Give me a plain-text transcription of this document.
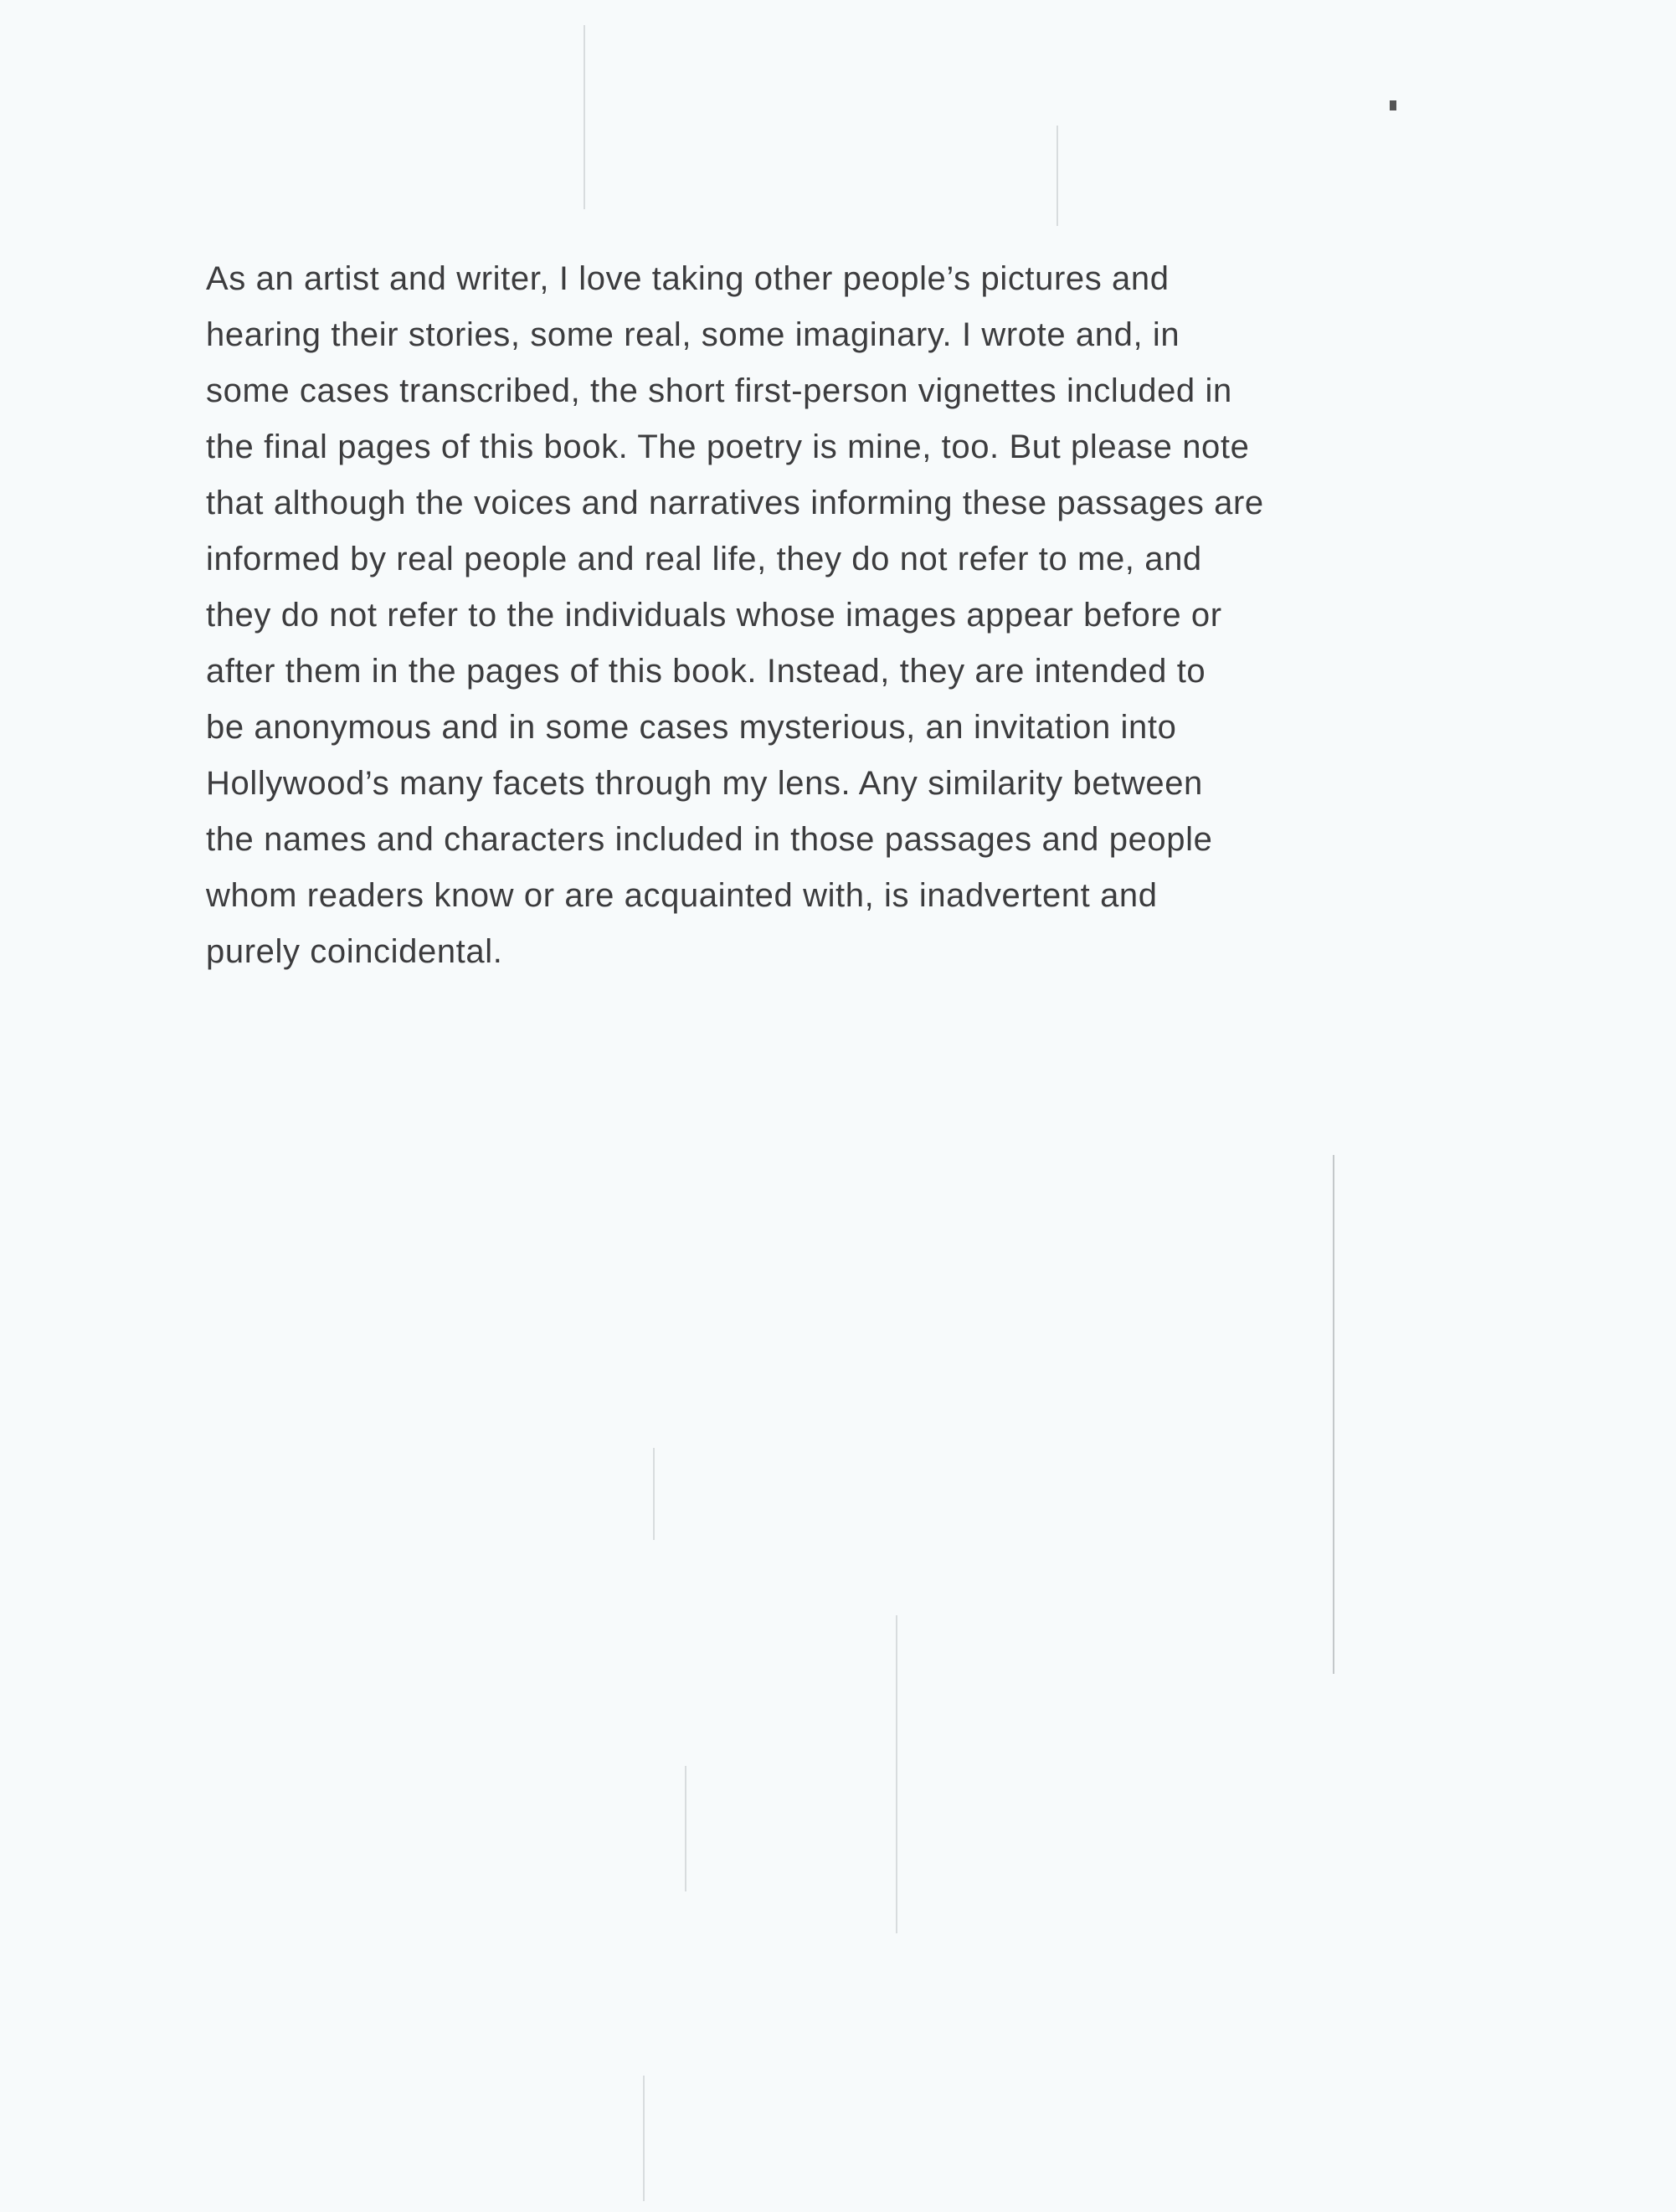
As an artist and writer, I love taking other people’s pictures and
hearing their stories, some real, some imaginary. I wrote and, in
some cases transcribed, the short first-person vignettes included in
the final pages of this book. The poetry is mine, too. But please note
that although the voices and narratives informing these passages are
informed by real people and real life, they do not refer to me, and
they do not refer to the individuals whose images appear before or
after them in the pages of this book. Instead, they are intended to
be anonymous and in some cases mysterious, an invitation into
Hollywood’s many facets through my lens. Any similarity between
the names and characters included in those passages and people
whom readers know or are acquainted with, is inadvertent and
purely coincidental.
